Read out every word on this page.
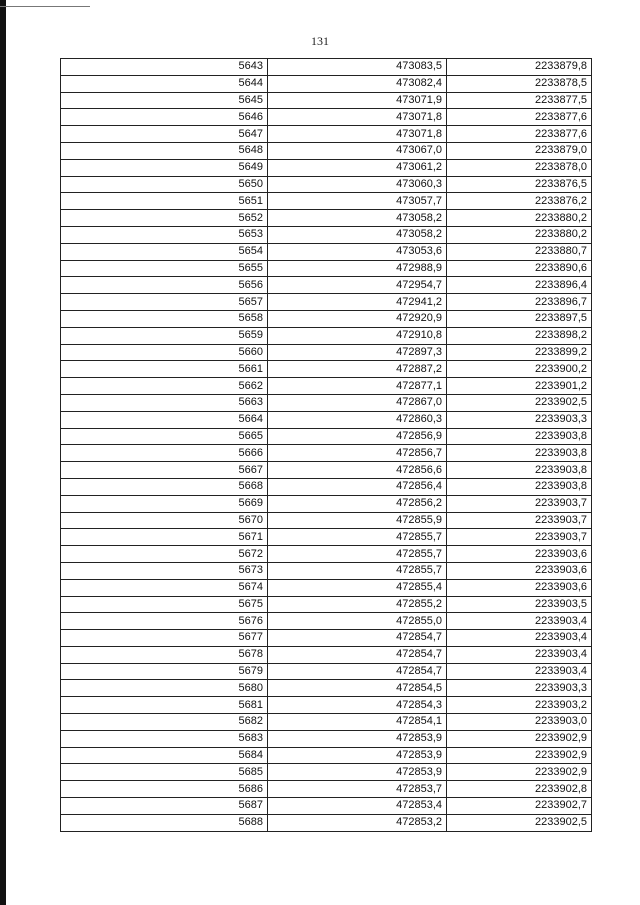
131
5643	473083,5	2233879,8
5644	473082,4	2233878,5
5645	473071,9	2233877,5
5646	473071,8	2233877,6
5647	473071,8	2233877,6
5648	473067,0	2233879,0
5649	473061,2	2233878,0
5650	473060,3	2233876,5
5651	473057,7	2233876,2
5652	473058,2	2233880,2
5653	473058,2	2233880,2
5654	473053,6	2233880,7
5655	472988,9	2233890,6
5656	472954,7	2233896,4
5657	472941,2	2233896,7
5658	472920,9	2233897,5
5659	472910,8	2233898,2
5660	472897,3	2233899,2
5661	472887,2	2233900,2
5662	472877,1	2233901,2
5663	472867,0	2233902,5
5664	472860,3	2233903,3
5665	472856,9	2233903,8
5666	472856,7	2233903,8
5667	472856,6	2233903,8
5668	472856,4	2233903,8
5669	472856,2	2233903,7
5670	472855,9	2233903,7
5671	472855,7	2233903,7
5672	472855,7	2233903,6
5673	472855,7	2233903,6
5674	472855,4	2233903,6
5675	472855,2	2233903,5
5676	472855,0	2233903,4
5677	472854,7	2233903,4
5678	472854,7	2233903,4
5679	472854,7	2233903,4
5680	472854,5	2233903,3
5681	472854,3	2233903,2
5682	472854,1	2233903,0
5683	472853,9	2233902,9
5684	472853,9	2233902,9
5685	472853,9	2233902,9
5686	472853,7	2233902,8
5687	472853,4	2233902,7
5688	472853,2	2233902,5
